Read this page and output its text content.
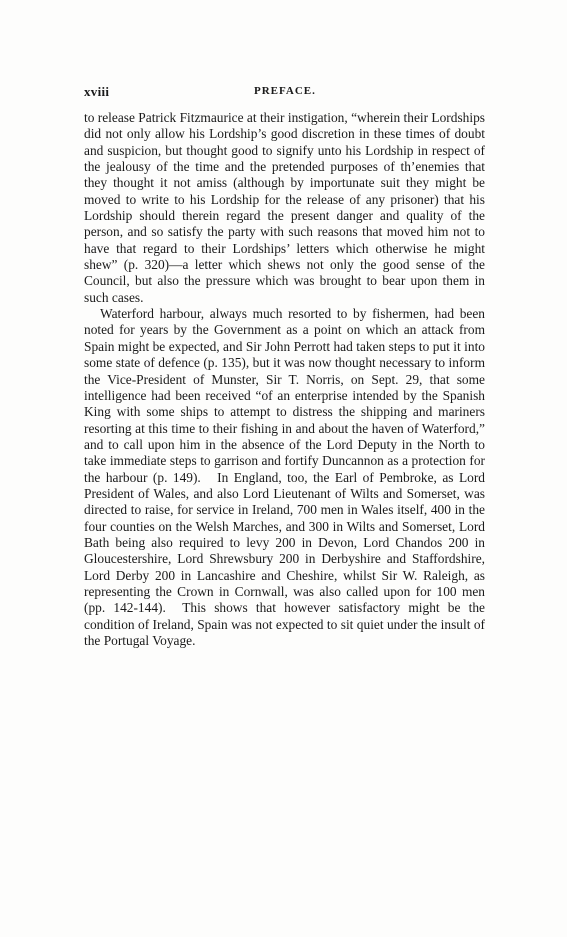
xviii	PREFACE.

to release Patrick Fitzmaurice at their instigation, “wherein their Lordships did not only allow his Lordship’s good discretion in these times of doubt and suspicion, but thought good to signify unto his Lordship in respect of the jealousy of the time and the pretended purposes of th’enemies that they thought it not amiss (although by importunate suit they might be moved to write to his Lordship for the release of any prisoner) that his Lordship should therein regard the present danger and quality of the person, and so satisfy the party with such reasons that moved him not to have that regard to their Lordships’ letters which otherwise he might shew” (p. 320)—a letter which shews not only the good sense of the Council, but also the pressure which was brought to bear upon them in such cases.

Waterford harbour, always much resorted to by fishermen, had been noted for years by the Government as a point on which an attack from Spain might be expected, and Sir John Perrott had taken steps to put it into some state of defence (p. 135), but it was now thought necessary to inform the Vice-President of Munster, Sir T. Norris, on Sept. 29, that some intelligence had been received “of an enterprise intended by the Spanish King with some ships to attempt to distress the shipping and mariners resorting at this time to their fishing in and about the haven of Waterford,” and to call upon him in the absence of the Lord Deputy in the North to take immediate steps to garrison and fortify Duncannon as a protection for the harbour (p. 149).   In England, too, the Earl of Pembroke, as Lord President of Wales, and also Lord Lieutenant of Wilts and Somerset, was directed to raise, for service in Ireland, 700 men in Wales itself, 400 in the four counties on the Welsh Marches, and 300 in Wilts and Somerset, Lord Bath being also required to levy 200 in Devon, Lord Chandos 200 in Gloucestershire, Lord Shrewsbury 200 in Derbyshire and Staffordshire, Lord Derby 200 in Lancashire and Cheshire, whilst Sir W. Raleigh, as representing the Crown in Cornwall, was also called upon for 100 men (pp. 142-144).  This shows that however satisfactory might be the condition of Ireland, Spain was not expected to sit quiet under the insult of the Portugal Voyage.
